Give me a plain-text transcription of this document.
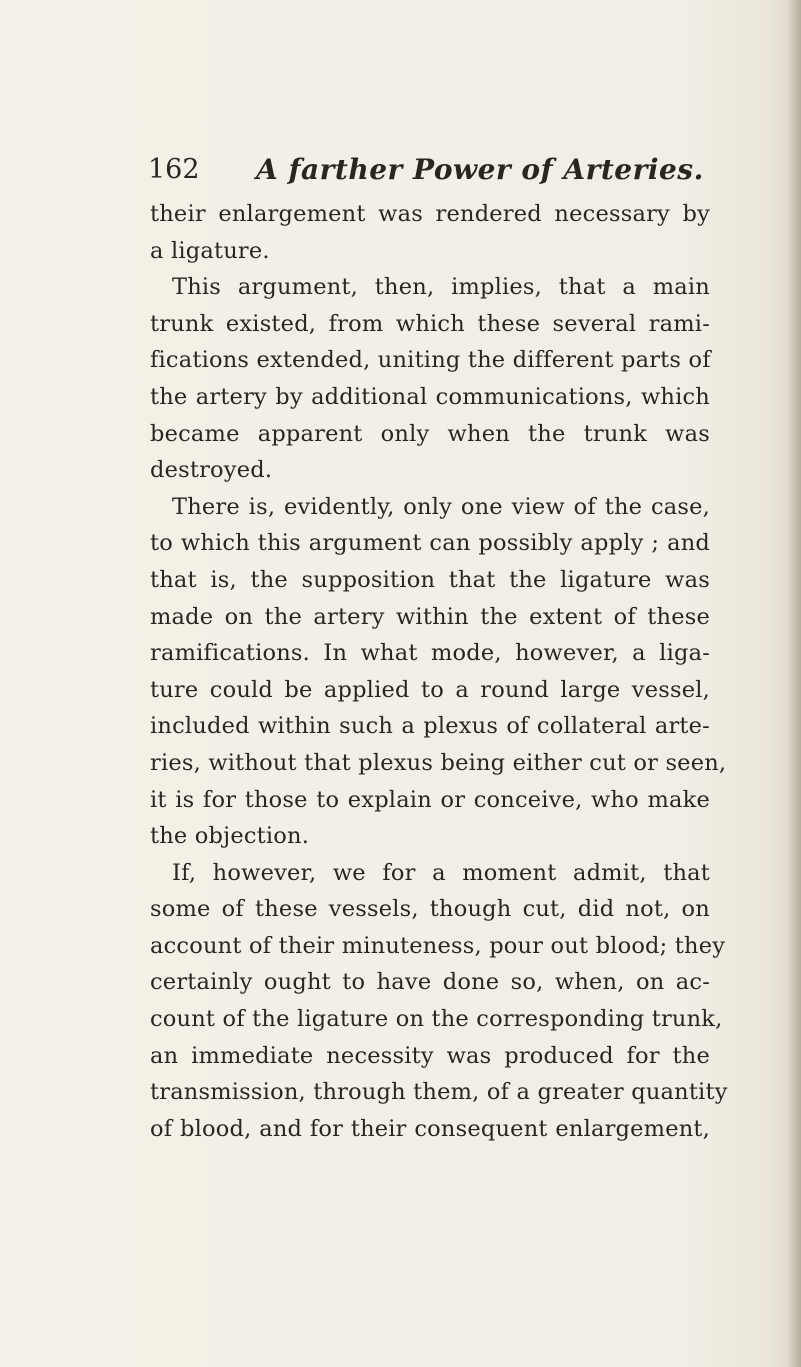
162 A farther Power of Arteries.
their enlargement was rendered necessary by
a ligature.
This argument, then, implies, that a main
trunk existed, from which these several rami-
fications extended, uniting the different parts of
the artery by additional communications, which
became apparent only when the trunk was
destroyed.
There is, evidently, only one view of the case,
to which this argument can possibly apply ; and
that is, the supposition that the ligature was
made on the artery within the extent of these
ramifications. In what mode, however, a liga-
ture could be applied to a round large vessel,
included within such a plexus of collateral arte-
ries, without that plexus being either cut or seen,
it is for those to explain or conceive, who make
the objection.
If, however, we for a moment admit, that
some of these vessels, though cut, did not, on
account of their minuteness, pour out blood; they
certainly ought to have done so, when, on ac-
count of the ligature on the corresponding trunk,
an immediate necessity was produced for the
transmission, through them, of a greater quantity
of blood, and for their consequent enlargement,
